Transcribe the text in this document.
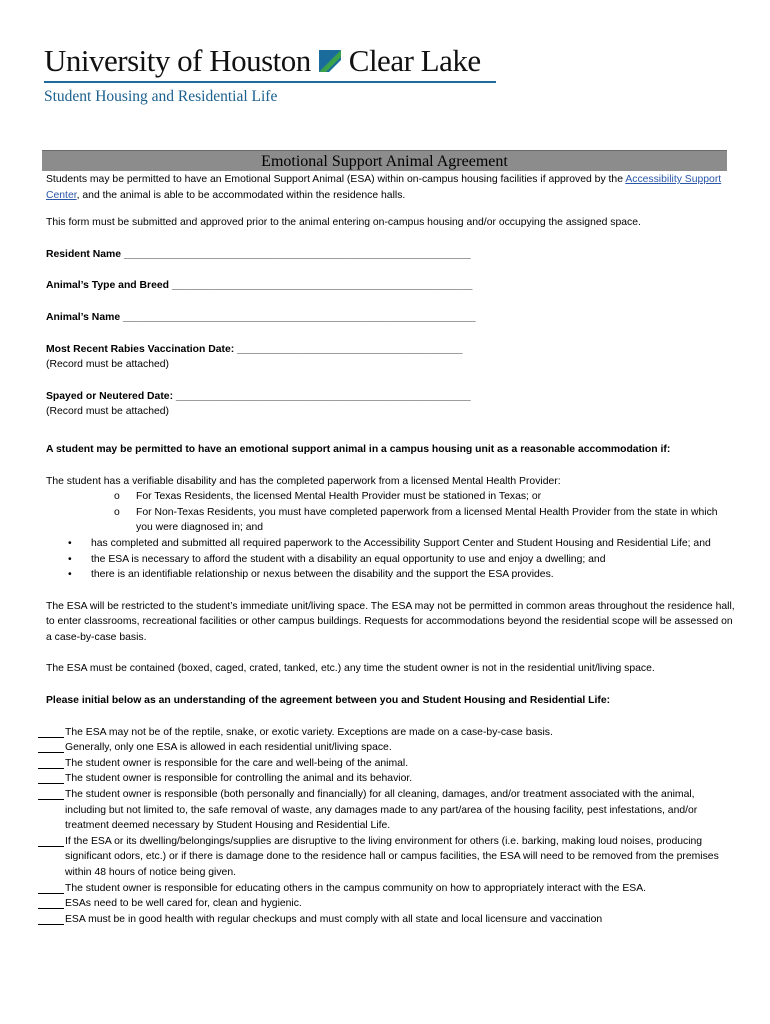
University of Houston Clear Lake
Student Housing and Residential Life
Emotional Support Animal Agreement

Students may be permitted to have an Emotional Support Animal (ESA) within on-campus housing facilities if approved by the Accessibility Support Center, and the animal is able to be accommodated within the residence halls.

This form must be submitted and approved prior to the animal entering on-campus housing and/or occupying the assigned space.

Resident Name ____________________________________________________________

Animal’s Type and Breed ____________________________________________________

Animal’s Name _____________________________________________________________

Most Recent Rabies Vaccination Date: _______________________________________

(Record must be attached)

Spayed or Neutered Date: ___________________________________________________

(Record must be attached)

A student may be permitted to have an emotional support animal in a campus housing unit as a reasonable accommodation if:

The student has a verifiable disability and has the completed paperwork from a licensed Mental Health Provider:

o For Texas Residents, the licensed Mental Health Provider must be stationed in Texas; or
o For Non-Texas Residents, you must have completed paperwork from a licensed Mental Health Provider from the state in which you were diagnosed in; and
• has completed and submitted all required paperwork to the Accessibility Support Center and Student Housing and Residential Life; and
• the ESA is necessary to afford the student with a disability an equal opportunity to use and enjoy a dwelling; and
• there is an identifiable relationship or nexus between the disability and the support the ESA provides.

The ESA will be restricted to the student’s immediate unit/living space. The ESA may not be permitted in common areas throughout the residence hall, to enter classrooms, recreational facilities or other campus buildings. Requests for accommodations beyond the residential scope will be assessed on a case-by-case basis.

The ESA must be contained (boxed, caged, crated, tanked, etc.) any time the student owner is not in the residential unit/living space.

Please initial below as an understanding of the agreement between you and Student Housing and Residential Life:

The ESA may not be of the reptile, snake, or exotic variety. Exceptions are made on a case-by-case basis.
Generally, only one ESA is allowed in each residential unit/living space.
The student owner is responsible for the care and well-being of the animal.
The student owner is responsible for controlling the animal and its behavior.
The student owner is responsible (both personally and financially) for all cleaning, damages, and/or treatment associated with the animal, including but not limited to, the safe removal of waste, any damages made to any part/area of the housing facility, pest infestations, and/or treatment deemed necessary by Student Housing and Residential Life.
If the ESA or its dwelling/belongings/supplies are disruptive to the living environment for others (i.e. barking, making loud noises, producing significant odors, etc.) or if there is damage done to the residence hall or campus facilities, the ESA will need to be removed from the premises within 48 hours of notice being given.
The student owner is responsible for educating others in the campus community on how to appropriately interact with the ESA.
ESAs need to be well cared for, clean and hygienic.
ESA must be in good health with regular checkups and must comply with all state and local licensure and vaccination
